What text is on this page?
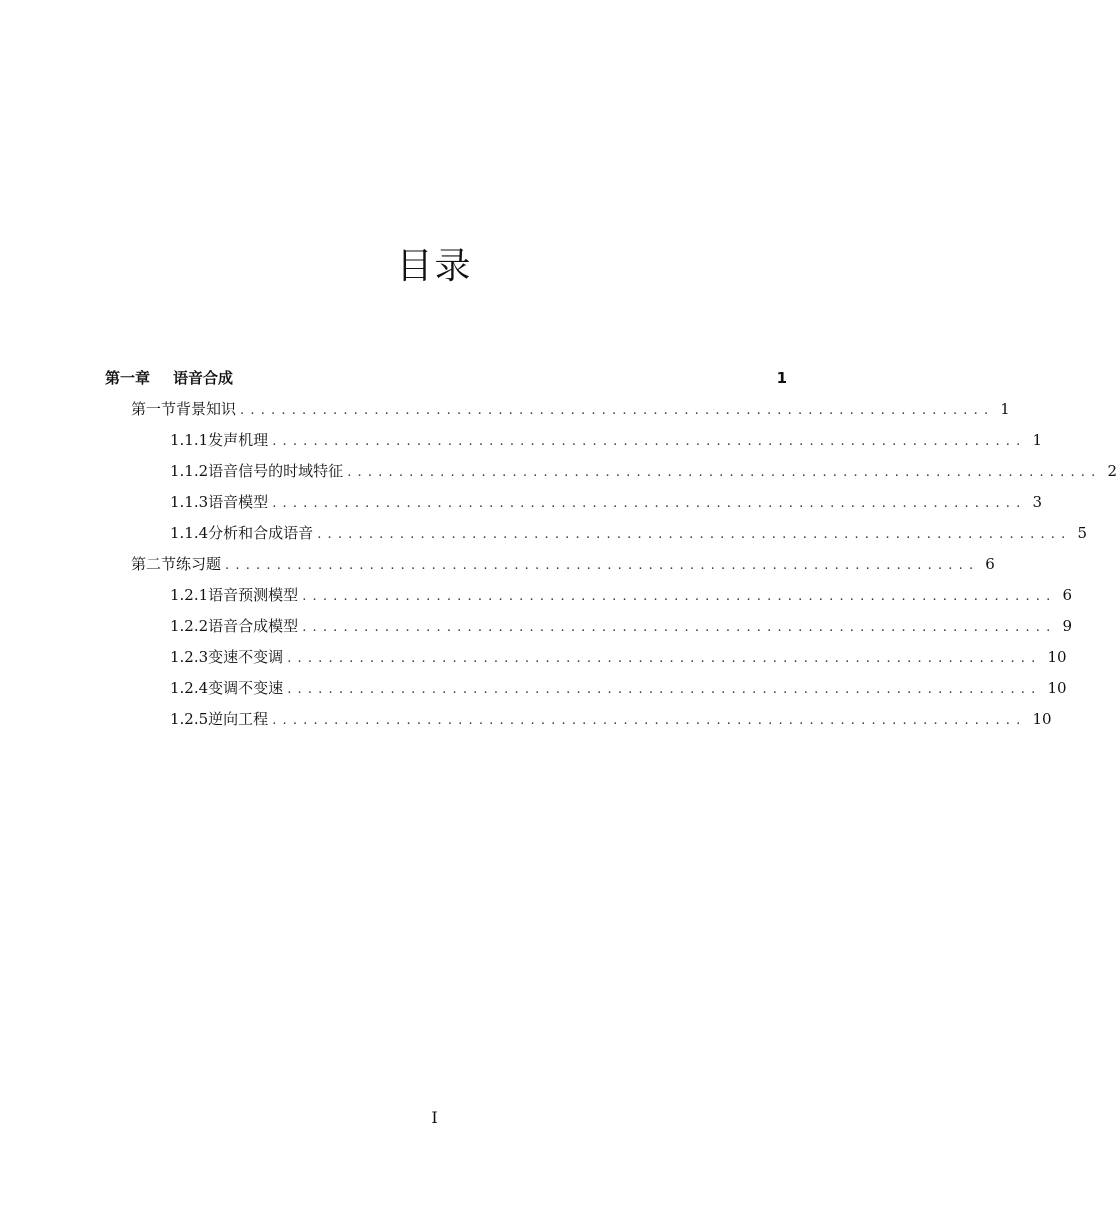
目录
第一章	语音合成	1
第一节 背景知识 ......................................................................... 1
1.1.1 发声机理 ......................................................................... 1
1.1.2 语音信号的时域特征 ......................................................................... 2
1.1.3 语音模型 ......................................................................... 3
1.1.4 分析和合成语音 ......................................................................... 5
第二节 练习题 ......................................................................... 6
1.2.1 语音预测模型 ......................................................................... 6
1.2.2 语音合成模型 ......................................................................... 9
1.2.3 变速不变调 ......................................................................... 10
1.2.4 变调不变速 ......................................................................... 10
1.2.5 逆向工程 ......................................................................... 10
I
